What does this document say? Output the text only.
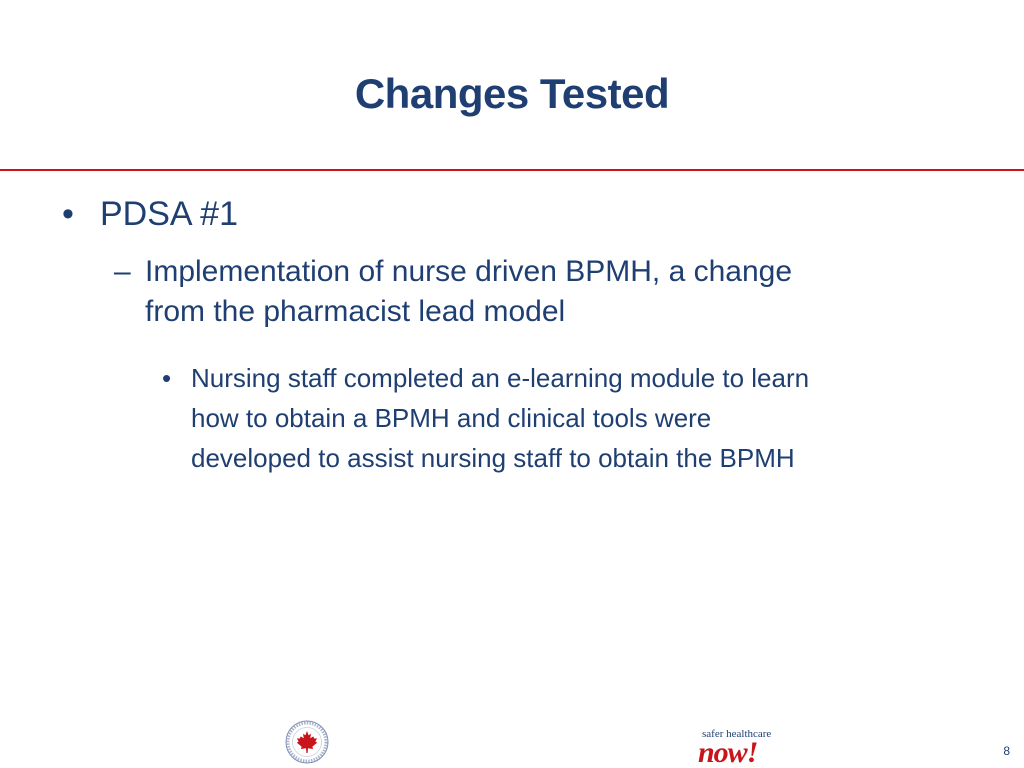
Changes Tested
• PDSA #1
– Implementation of nurse driven BPMH, a change
from the pharmacist lead model
• Nursing staff completed an e-learning module to learn
how to obtain a BPMH and clinical tools were
developed to assist nursing staff to obtain the BPMH
safer healthcare
now!	8
